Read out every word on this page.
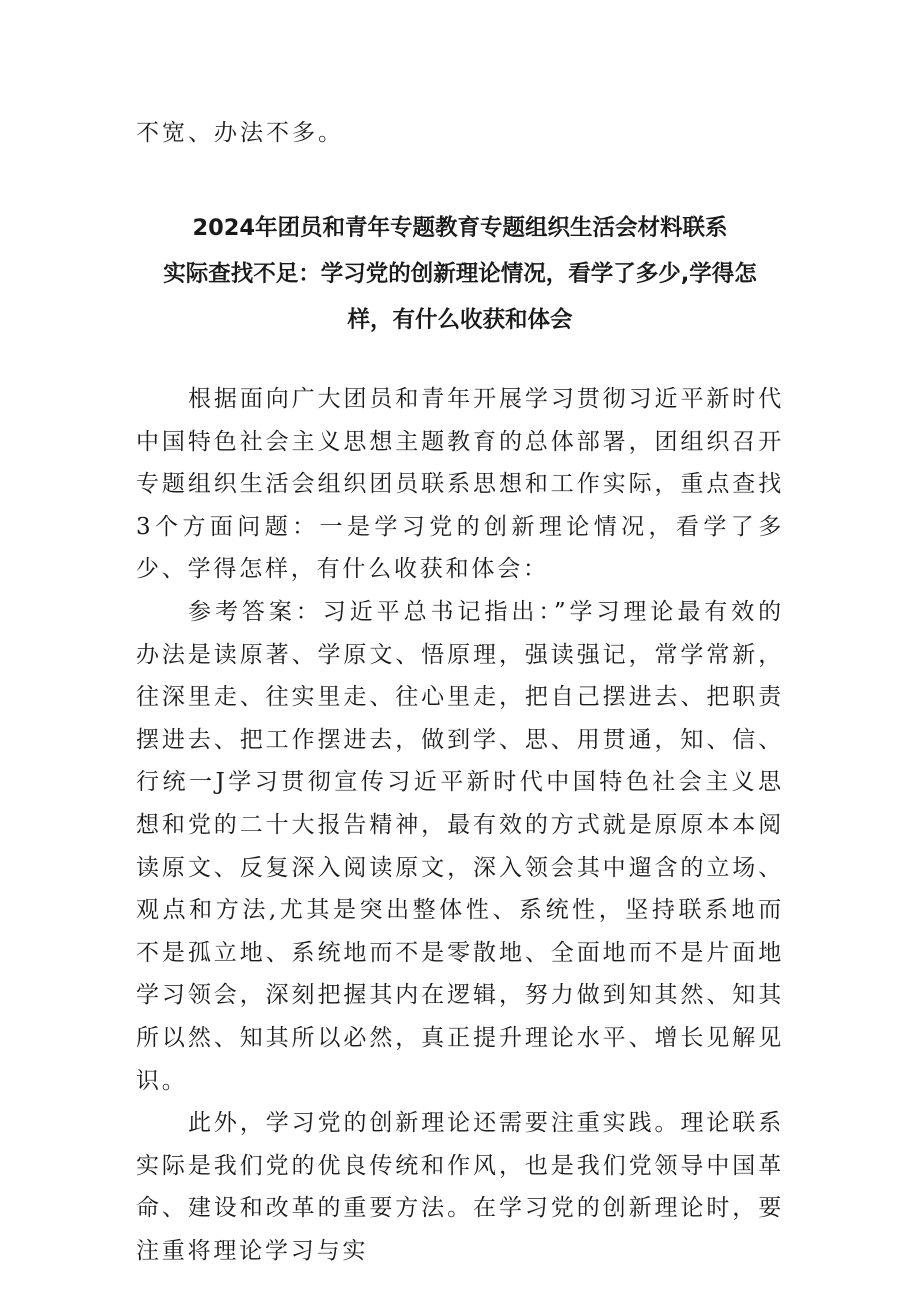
不宽、办法不多。
2024年团员和青年专题教育专题组织生活会材料联系
实际查找不足：学习党的创新理论情况，看学了多少,学得怎
样，有什么收获和体会

根据面向广大团员和青年开展学习贯彻习近平新时代中国特色社会主义思想主题教育的总体部署，团组织召开专题组织生活会组织团员联系思想和工作实际，重点查找3个方面问题：一是学习党的创新理论情况，看学了多少、学得怎样，有什么收获和体会：

参考答案：习近平总书记指出：”学习理论最有效的办法是读原著、学原文、悟原理，强读强记，常学常新，往深里走、往实里走、往心里走，把自己摆进去、把职责摆进去、把工作摆进去，做到学、思、用贯通，知、信、行统一J学习贯彻宣传习近平新时代中国特色社会主义思想和党的二十大报告精神，最有效的方式就是原原本本阅读原文、反复深入阅读原文，深入领会其中遛含的立场、观点和方法,尤其是突出整体性、系统性，坚持联系地而不是孤立地、系统地而不是零散地、全面地而不是片面地学习领会，深刻把握其内在逻辑，努力做到知其然、知其所以然、知其所以必然，真正提升理论水平、增长见解见识。

此外，学习党的创新理论还需要注重实践。理论联系实际是我们党的优良传统和作风，也是我们党领导中国革命、建设和改革的重要方法。在学习党的创新理论时，要注重将理论学习与实
